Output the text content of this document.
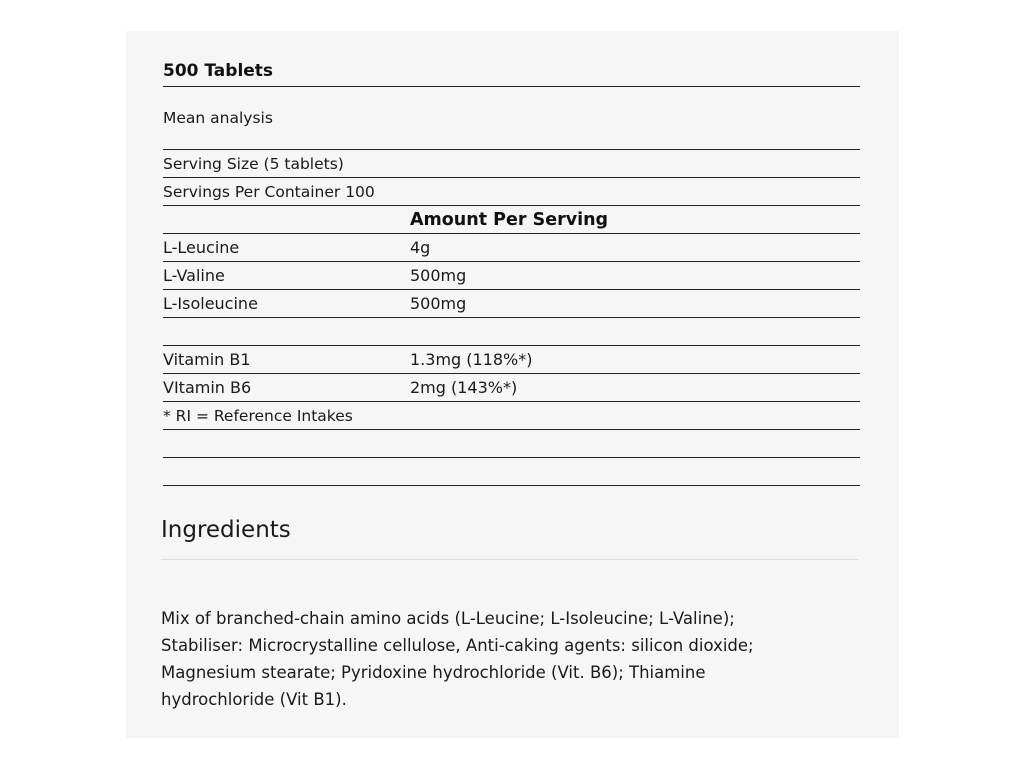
500 Tablets
Mean analysis
Serving Size (5 tablets)
Servings Per Container 100
Amount Per Serving
L-Leucine	4g
L-Valine	500mg
L-Isoleucine	500mg
Vitamin B1	1.3mg (118%*)
VItamin B6	2mg (143%*)
* RI = Reference Intakes
Ingredients
Mix of branched-chain amino acids (L-Leucine; L-Isoleucine; L-Valine); Stabiliser: Microcrystalline cellulose, Anti-caking agents: silicon dioxide; Magnesium stearate; Pyridoxine hydrochloride (Vit. B6); Thiamine hydrochloride (Vit B1).
